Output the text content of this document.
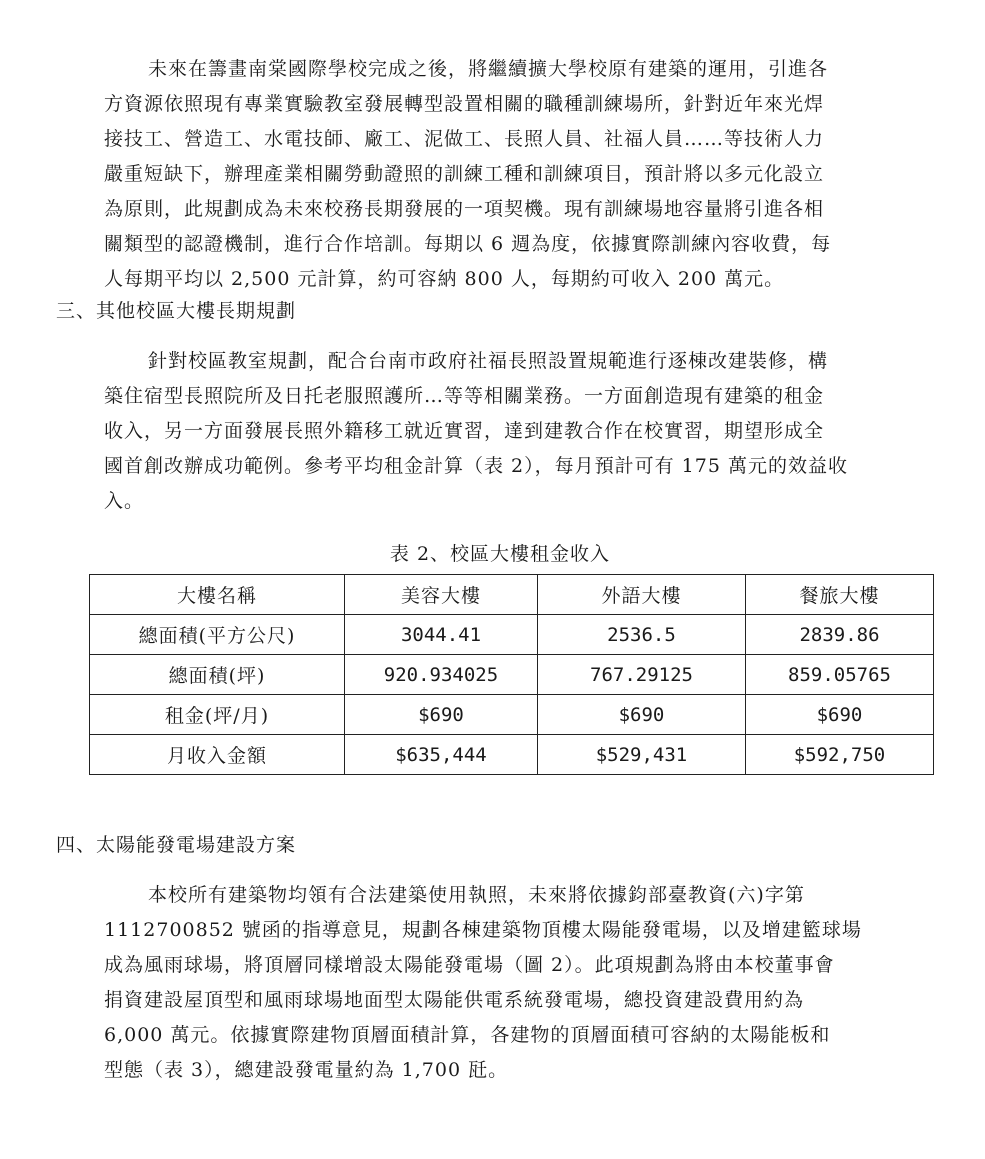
未來在籌畫南棠國際學校完成之後，將繼續擴大學校原有建築的運用，引進各
方資源依照現有專業實驗教室發展轉型設置相關的職種訓練場所，針對近年來光焊
接技工、營造工、水電技師、廠工、泥做工、長照人員、社福人員……等技術人力
嚴重短缺下，辦理產業相關勞動證照的訓練工種和訓練項目，預計將以多元化設立
為原則，此規劃成為未來校務長期發展的一項契機。現有訓練場地容量將引進各相
關類型的認證機制，進行合作培訓。每期以 6 週為度，依據實際訓練內容收費，每
人每期平均以 2,500 元計算，約可容納 800 人，每期約可收入 200 萬元。
三、其他校區大樓長期規劃
針對校區教室規劃，配合台南市政府社福長照設置規範進行逐棟改建裝修，構
築住宿型長照院所及日托老服照護所…等等相關業務。一方面創造現有建築的租金
收入，另一方面發展長照外籍移工就近實習，達到建教合作在校實習，期望形成全
國首創改辦成功範例。參考平均租金計算（表 2），每月預計可有 175 萬元的效益收
入。
表 2、校區大樓租金收入
大樓名稱	美容大樓	外語大樓	餐旅大樓
總面積(平方公尺)	3044.41	2536.5	2839.86
總面積(坪)	920.934025	767.29125	859.05765
租金(坪/月)	$690	$690	$690
月收入金額	$635,444	$529,431	$592,750
四、太陽能發電場建設方案
本校所有建築物均領有合法建築使用執照，未來將依據鈞部臺教資(六)字第
1112700852 號函的指導意見，規劃各棟建築物頂樓太陽能發電場，以及增建籃球場
成為風雨球場，將頂層同樣增設太陽能發電場（圖 2）。此項規劃為將由本校董事會
捐資建設屋頂型和風雨球場地面型太陽能供電系統發電場，總投資建設費用約為
6,000 萬元。依據實際建物頂層面積計算，各建物的頂層面積可容納的太陽能板和
型態（表 3），總建設發電量約為 1,700 瓩。
